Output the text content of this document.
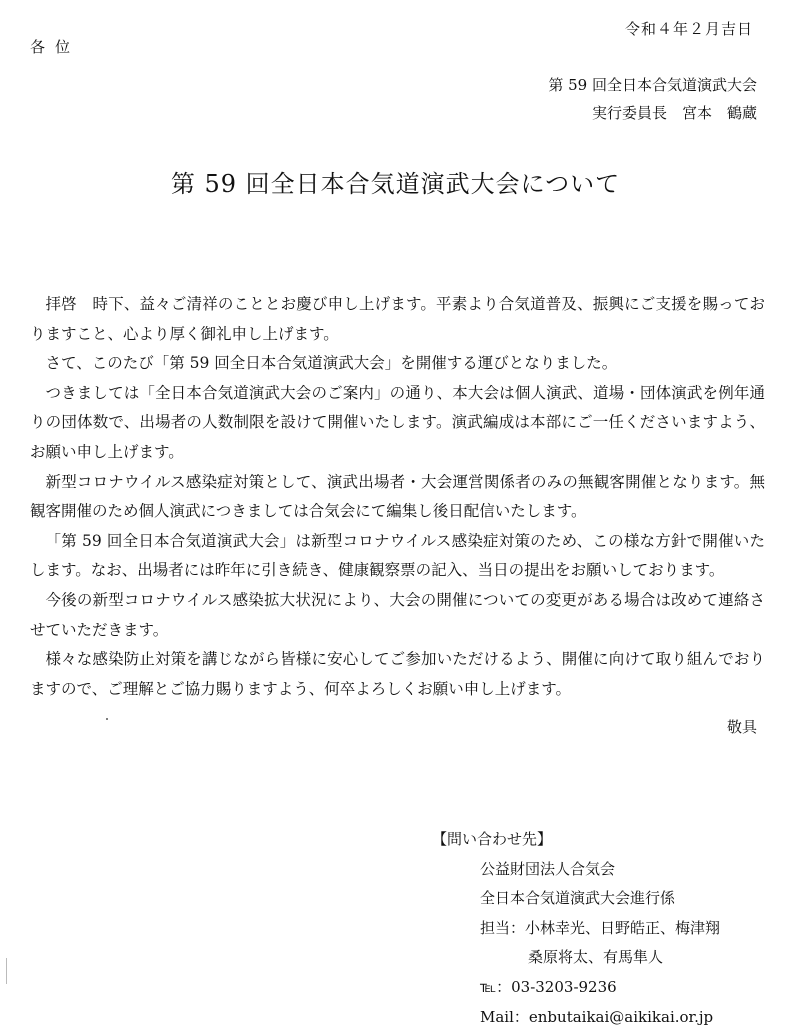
令和４年２月吉日
各位
第 59 回全日本合気道演武大会
実行委員長　宮本　鶴蔵
第 59 回全日本合気道演武大会について

拝啓　時下、益々ご清祥のこととお慶び申し上げます。平素より合気道普及、振興にご支援を賜っておりますこと、心より厚く御礼申し上げます。

さて、このたび「第 59 回全日本合気道演武大会」を開催する運びとなりました。

つきましては「全日本合気道演武大会のご案内」の通り、本大会は個人演武、道場・団体演武を例年通りの団体数で、出場者の人数制限を設けて開催いたします。演武編成は本部にご一任くださいますよう、お願い申し上げます。

新型コロナウイルス感染症対策として、演武出場者・大会運営関係者のみの無観客開催となります。無観客開催のため個人演武につきましては合気会にて編集し後日配信いたします。

「第 59 回全日本合気道演武大会」は新型コロナウイルス感染症対策のため、この様な方針で開催いたします。なお、出場者には昨年に引き続き、健康観察票の記入、当日の提出をお願いしております。

今後の新型コロナウイルス感染拡大状況により、大会の開催についての変更がある場合は改めて連絡させていただきます。

様々な感染防止対策を講じながら皆様に安心してご参加いただけるよう、開催に向けて取り組んでおりますので、ご理解とご協力賜りますよう、何卒よろしくお願い申し上げます。

敬具
【問い合わせ先】
公益財団法人合気会
全日本合気道演武大会進行係
担当：小林幸光、日野皓正、梅津翔
桑原将太、有馬隼人
℡：03-3203-9236
Mail：enbutaikai@aikikai.or.jp
